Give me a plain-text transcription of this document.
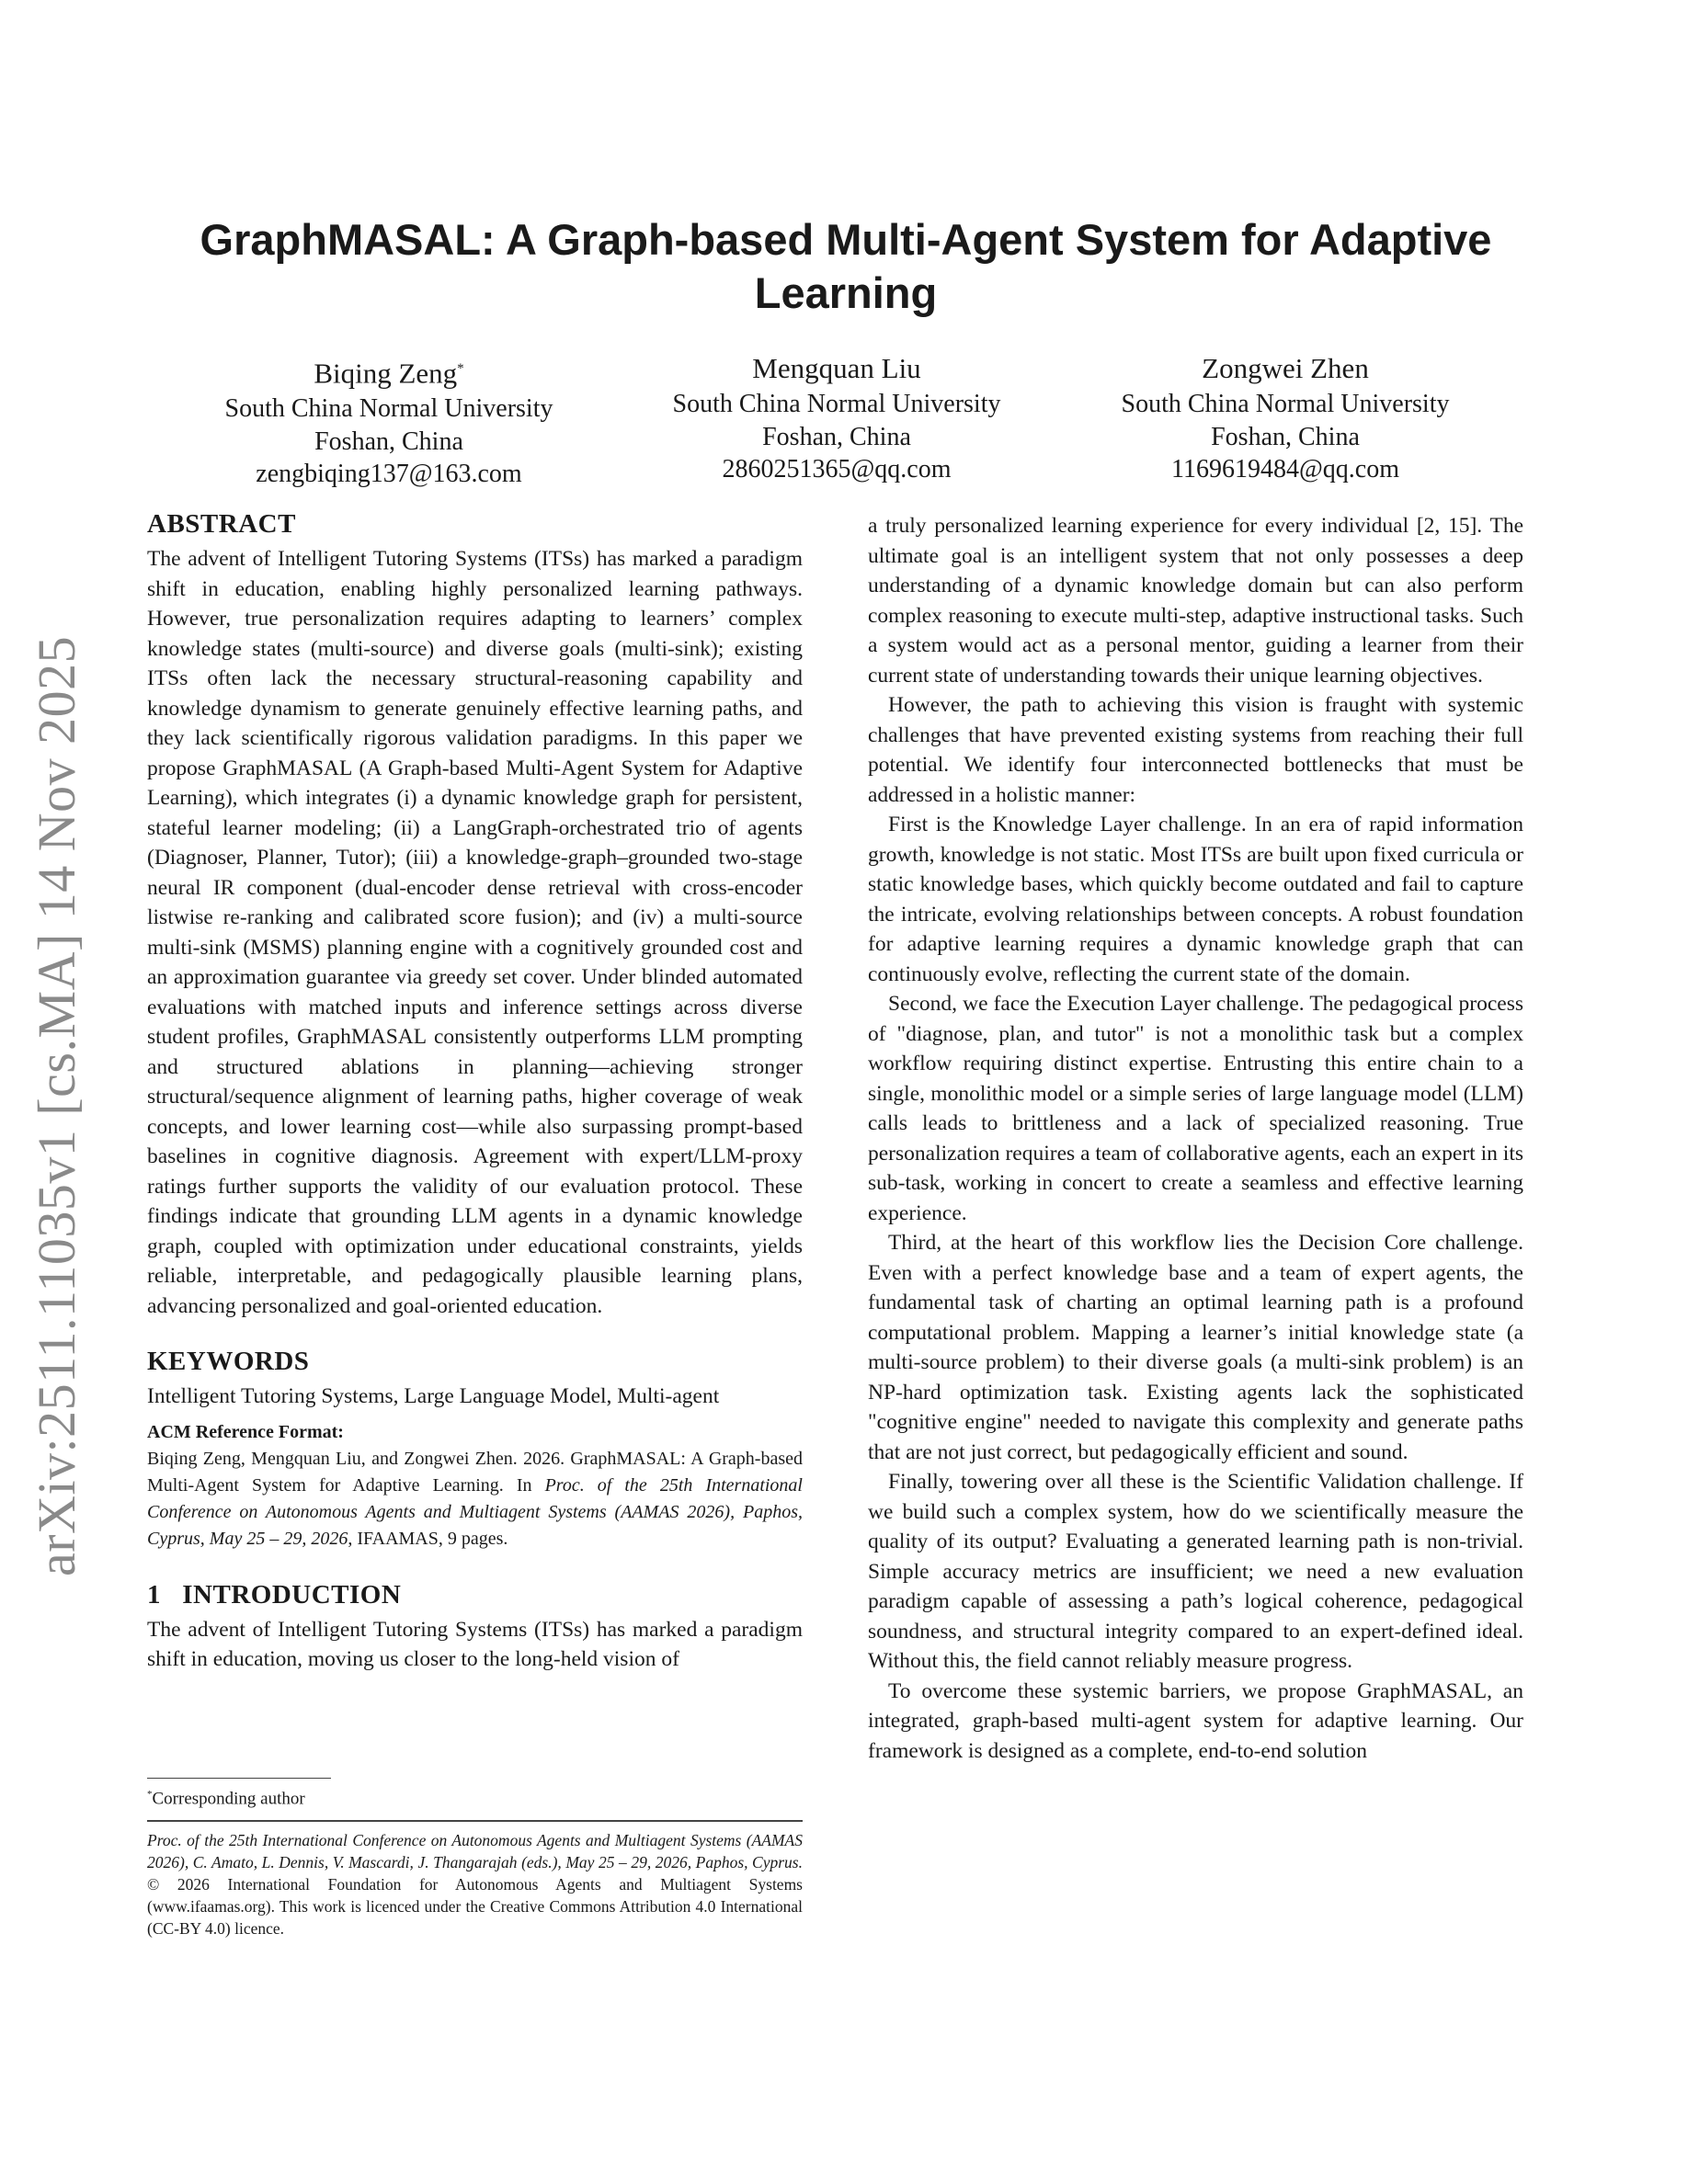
arXiv:2511.11035v1 [cs.MA] 14 Nov 2025
GraphMASAL: A Graph-based Multi-Agent System for Adaptive Learning
Biqing Zeng*
South China Normal University
Foshan, China
zengbiqing137@163.com
Mengquan Liu
South China Normal University
Foshan, China
2860251365@qq.com
Zongwei Zhen
South China Normal University
Foshan, China
1169619484@qq.com
ABSTRACT

The advent of Intelligent Tutoring Systems (ITSs) has marked a paradigm shift in education, enabling highly personalized learning pathways. However, true personalization requires adapting to learners’ complex knowledge states (multi-source) and diverse goals (multi-sink); existing ITSs often lack the necessary structural-reasoning capability and knowledge dynamism to generate genuinely effective learning paths, and they lack scientifically rigorous validation paradigms. In this paper we propose GraphMASAL (A Graph-based Multi-Agent System for Adaptive Learning), which integrates (i) a dynamic knowledge graph for persistent, stateful learner modeling; (ii) a LangGraph-orchestrated trio of agents (Diagnoser, Planner, Tutor); (iii) a knowledge-graph–grounded two-stage neural IR component (dual-encoder dense retrieval with cross-encoder listwise re-ranking and calibrated score fusion); and (iv) a multi-source multi-sink (MSMS) planning engine with a cognitively grounded cost and an approximation guarantee via greedy set cover. Under blinded automated evaluations with matched inputs and inference settings across diverse student profiles, GraphMASAL consistently outperforms LLM prompting and structured ablations in planning—achieving stronger structural/sequence alignment of learning paths, higher coverage of weak concepts, and lower learning cost—while also surpassing prompt-based baselines in cognitive diagnosis. Agreement with expert/LLM-proxy ratings further supports the validity of our evaluation protocol. These findings indicate that grounding LLM agents in a dynamic knowledge graph, coupled with optimization under educational constraints, yields reliable, interpretable, and pedagogically plausible learning plans, advancing personalized and goal-oriented education.

KEYWORDS

Intelligent Tutoring Systems, Large Language Model, Multi-agent

ACM Reference Format:

Biqing Zeng, Mengquan Liu, and Zongwei Zhen. 2026. GraphMASAL: A Graph-based Multi-Agent System for Adaptive Learning. In Proc. of the 25th International Conference on Autonomous Agents and Multiagent Systems (AAMAS 2026), Paphos, Cyprus, May 25 – 29, 2026, IFAAMAS, 9 pages.

1 INTRODUCTION

The advent of Intelligent Tutoring Systems (ITSs) has marked a paradigm shift in education, moving us closer to the long-held vision of

*Corresponding author
Proc. of the 25th International Conference on Autonomous Agents and Multiagent Systems (AAMAS 2026), C. Amato, L. Dennis, V. Mascardi, J. Thangarajah (eds.), May 25 – 29, 2026, Paphos, Cyprus. © 2026 International Foundation for Autonomous Agents and Multiagent Systems (www.ifaamas.org). This work is licenced under the Creative Commons Attribution 4.0 International (CC-BY 4.0) licence.

a truly personalized learning experience for every individual [2, 15]. The ultimate goal is an intelligent system that not only possesses a deep understanding of a dynamic knowledge domain but can also perform complex reasoning to execute multi-step, adaptive instructional tasks. Such a system would act as a personal mentor, guiding a learner from their current state of understanding towards their unique learning objectives.

However, the path to achieving this vision is fraught with systemic challenges that have prevented existing systems from reaching their full potential. We identify four interconnected bottlenecks that must be addressed in a holistic manner:

First is the Knowledge Layer challenge. In an era of rapid information growth, knowledge is not static. Most ITSs are built upon fixed curricula or static knowledge bases, which quickly become outdated and fail to capture the intricate, evolving relationships between concepts. A robust foundation for adaptive learning requires a dynamic knowledge graph that can continuously evolve, reflecting the current state of the domain.

Second, we face the Execution Layer challenge. The pedagogical process of "diagnose, plan, and tutor" is not a monolithic task but a complex workflow requiring distinct expertise. Entrusting this entire chain to a single, monolithic model or a simple series of large language model (LLM) calls leads to brittleness and a lack of specialized reasoning. True personalization requires a team of collaborative agents, each an expert in its sub-task, working in concert to create a seamless and effective learning experience.

Third, at the heart of this workflow lies the Decision Core challenge. Even with a perfect knowledge base and a team of expert agents, the fundamental task of charting an optimal learning path is a profound computational problem. Mapping a learner’s initial knowledge state (a multi-source problem) to their diverse goals (a multi-sink problem) is an NP-hard optimization task. Existing agents lack the sophisticated "cognitive engine" needed to navigate this complexity and generate paths that are not just correct, but pedagogically efficient and sound.

Finally, towering over all these is the Scientific Validation challenge. If we build such a complex system, how do we scientifically measure the quality of its output? Evaluating a generated learning path is non-trivial. Simple accuracy metrics are insufficient; we need a new evaluation paradigm capable of assessing a path’s logical coherence, pedagogical soundness, and structural integrity compared to an expert-defined ideal. Without this, the field cannot reliably measure progress.

To overcome these systemic barriers, we propose GraphMASAL, an integrated, graph-based multi-agent system for adaptive learning. Our framework is designed as a complete, end-to-end solution
